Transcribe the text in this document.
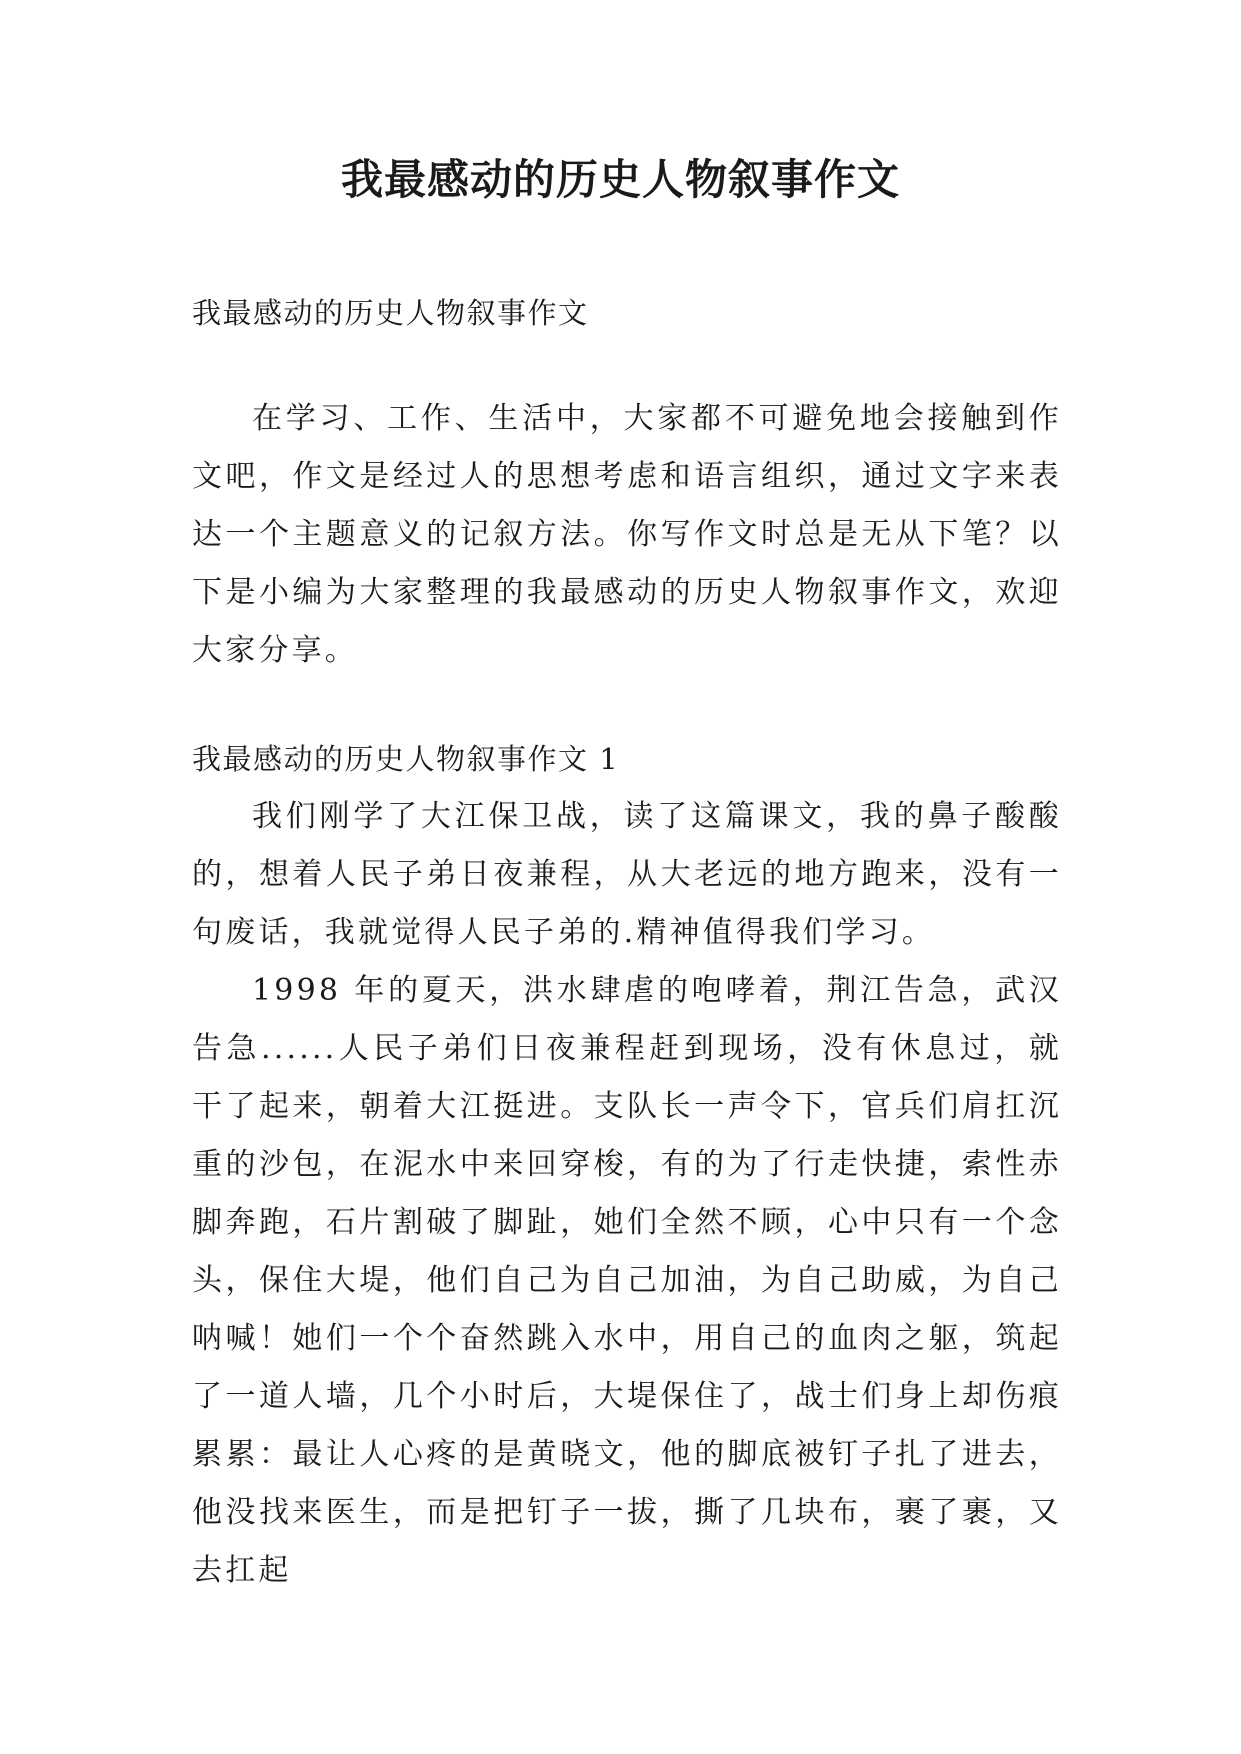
我最感动的历史人物叙事作文

我最感动的历史人物叙事作文

在学习、工作、生活中，大家都不可避免地会接触到作文吧，作文是经过人的思想考虑和语言组织，通过文字来表达一个主题意义的记叙方法。你写作文时总是无从下笔？以下是小编为大家整理的我最感动的历史人物叙事作文，欢迎大家分享。

我最感动的历史人物叙事作文 1

我们刚学了大江保卫战，读了这篇课文，我的鼻子酸酸的，想着人民子弟日夜兼程，从大老远的地方跑来，没有一句废话，我就觉得人民子弟的.精神值得我们学习。

1998 年的夏天，洪水肆虐的咆哮着，荆江告急，武汉告急......人民子弟们日夜兼程赶到现场，没有休息过，就干了起来，朝着大江挺进。支队长一声令下，官兵们肩扛沉重的沙包，在泥水中来回穿梭，有的为了行走快捷，索性赤脚奔跑，石片割破了脚趾，她们全然不顾，心中只有一个念头，保住大堤，他们自己为自己加油，为自己助威，为自己呐喊！她们一个个奋然跳入水中，用自己的血肉之躯，筑起了一道人墙，几个小时后，大堤保住了，战士们身上却伤痕累累：最让人心疼的是黄晓文，他的脚底被钉子扎了进去，他没找来医生，而是把钉子一拔，撕了几块布，裹了裹，又去扛起
